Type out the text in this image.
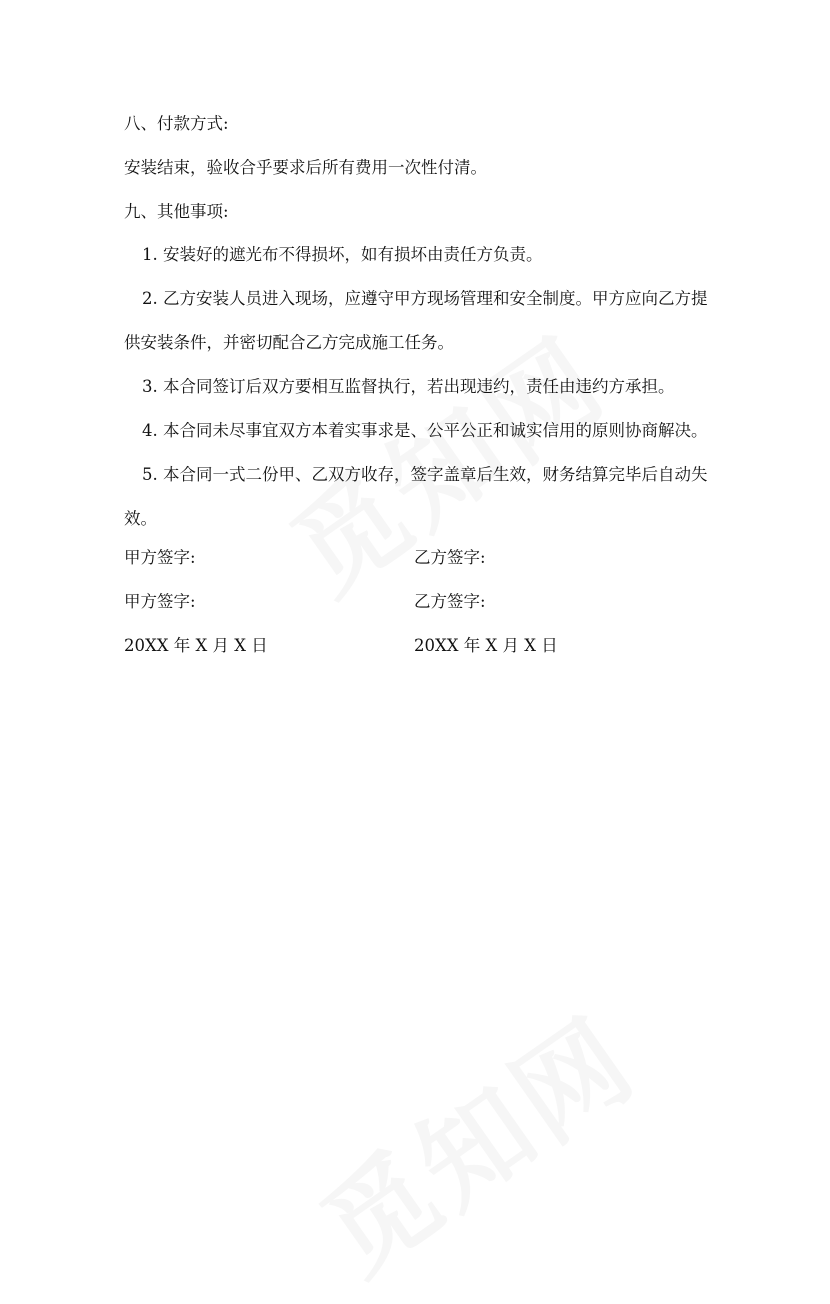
八、付款方式:

安装结束，验收合乎要求后所有费用一次性付清。

九、其他事项:

1. 安装好的遮光布不得损坏，如有损坏由责任方负责。

2. 乙方安装人员进入现场，应遵守甲方现场管理和安全制度。甲方应向乙方提供安装条件，并密切配合乙方完成施工任务。

3. 本合同签订后双方要相互监督执行，若出现违约，责任由违约方承担。

4. 本合同未尽事宜双方本着实事求是、公平公正和诚实信用的原则协商解决。

5. 本合同一式二份甲、乙双方收存，签字盖章后生效，财务结算完毕后自动失效。

甲方签字:	乙方签字:

甲方签字:	乙方签字:

20XX 年 X 月 X 日	20XX 年 X 月 X 日
